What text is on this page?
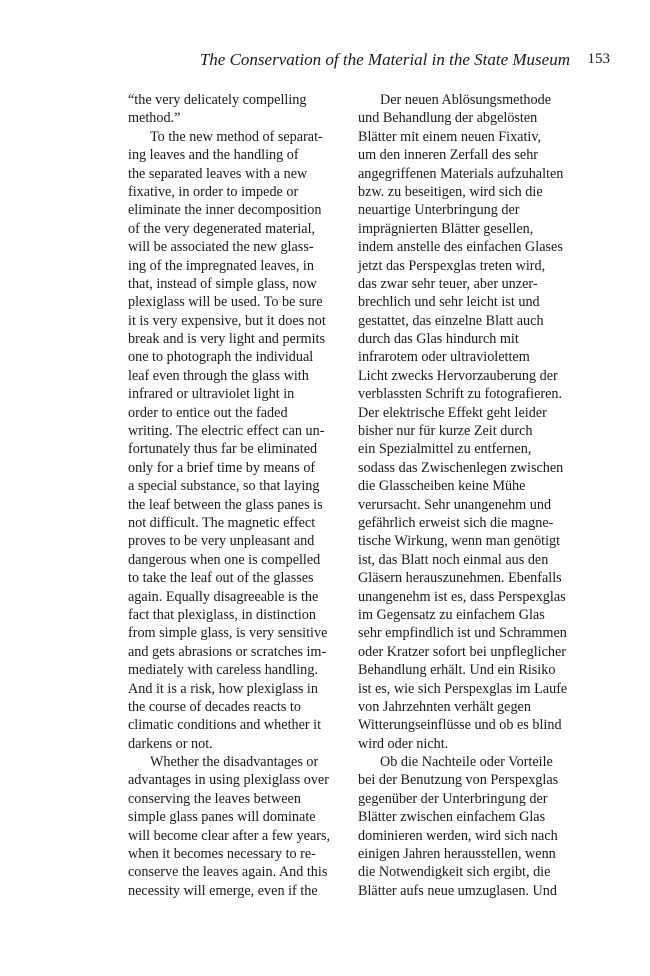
The Conservation of the Material in the State Museum 153

“the very delicately compelling
method.”

To the new method of separat-
ing leaves and the handling of
the separated leaves with a new
fixative, in order to impede or
eliminate the inner decomposition
of the very degenerated material,
will be associated the new glass-
ing of the impregnated leaves, in
that, instead of simple glass, now
plexiglass will be used. To be sure
it is very expensive, but it does not
break and is very light and permits
one to photograph the individual
leaf even through the glass with
infrared or ultraviolet light in
order to entice out the faded
writing. The electric effect can un-
fortunately thus far be eliminated
only for a brief time by means of
a special substance, so that laying
the leaf between the glass panes is
not difficult. The magnetic effect
proves to be very unpleasant and
dangerous when one is compelled
to take the leaf out of the glasses
again. Equally disagreeable is the
fact that plexiglass, in distinction
from simple glass, is very sensitive
and gets abrasions or scratches im-
mediately with careless handling.
And it is a risk, how plexiglass in
the course of decades reacts to
climatic conditions and whether it
darkens or not.

Whether the disadvantages or
advantages in using plexiglass over
conserving the leaves between
simple glass panes will dominate
will become clear after a few years,
when it becomes necessary to re-
conserve the leaves again. And this
necessity will emerge, even if the

Der neuen Ablösungsmethode
und Behandlung der abgelösten
Blätter mit einem neuen Fixativ,
um den inneren Zerfall des sehr
angegriffenen Materials aufzuhalten
bzw. zu beseitigen, wird sich die
neuartige Unterbringung der
imprägnierten Blätter gesellen,
indem anstelle des einfachen Glases
jetzt das Perspexglas treten wird,
das zwar sehr teuer, aber unzer-
brechlich und sehr leicht ist und
gestattet, das einzelne Blatt auch
durch das Glas hindurch mit
infrarotem oder ultraviolettem
Licht zwecks Hervorzauberung der
verblassten Schrift zu fotografieren.
Der elektrische Effekt geht leider
bisher nur für kurze Zeit durch
ein Spezialmittel zu entfernen,
sodass das Zwischenlegen zwischen
die Glasscheiben keine Mühe
verursacht. Sehr unangenehm und
gefährlich erweist sich die magne-
tische Wirkung, wenn man genötigt
ist, das Blatt noch einmal aus den
Gläsern herauszunehmen. Ebenfalls
unangenehm ist es, dass Perspexglas
im Gegensatz zu einfachem Glas
sehr empfindlich ist und Schrammen
oder Kratzer sofort bei unpfleglicher
Behandlung erhält. Und ein Risiko
ist es, wie sich Perspexglas im Laufe
von Jahrzehnten verhält gegen
Witterungseinflüsse und ob es blind
wird oder nicht.

Ob die Nachteile oder Vorteile
bei der Benutzung von Perspexglas
gegenüber der Unterbringung der
Blätter zwischen einfachem Glas
dominieren werden, wird sich nach
einigen Jahren herausstellen, wenn
die Notwendigkeit sich ergibt, die
Blätter aufs neue umzuglasen. Und
